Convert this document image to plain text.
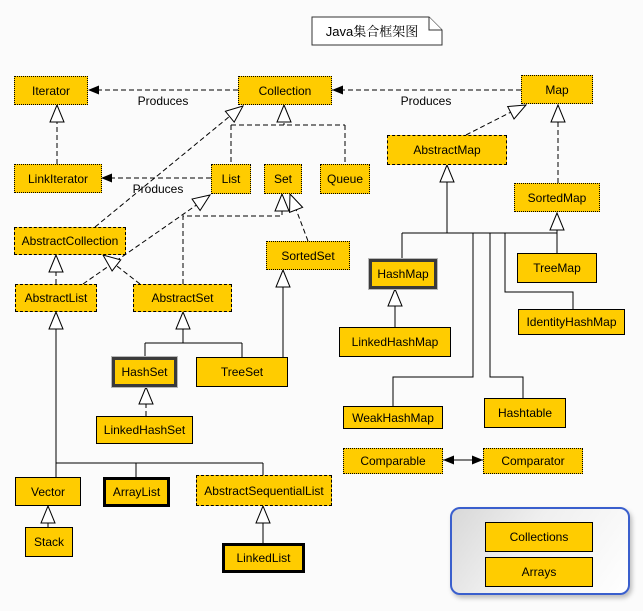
Produces	Produces
Produces
Java集合框架图
Iterator	Collection	Map
LinkIterator	List	Set	Queue
AbstractMap
SortedMap
AbstractCollection
SortedSet
AbstractList	AbstractSet
HashMap	TreeMap
IdentityHashMap
LinkedHashMap
HashSet	TreeSet
WeakHashMap	Hashtable
LinkedHashSet
Comparable	Comparator
Vector	ArrayList	AbstractSequentialList
Stack
LinkedList
Collections
Arrays
